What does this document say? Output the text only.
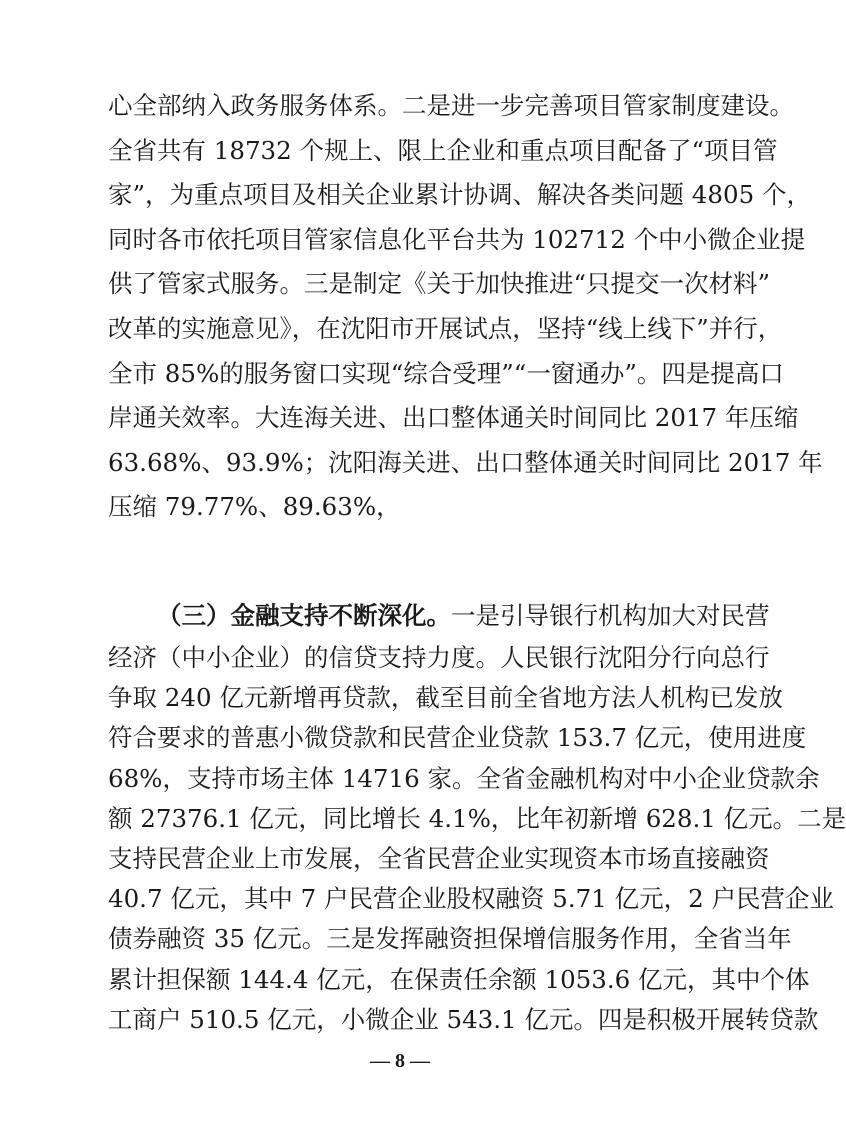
心全部纳入政务服务体系。二是进一步完善项目管家制度建设。
全省共有 18732 个规上、限上企业和重点项目配备了“项目管
家”，为重点项目及相关企业累计协调、解决各类问题 4805 个，
同时各市依托项目管家信息化平台共为 102712 个中小微企业提
供了管家式服务。三是制定《关于加快推进“只提交一次材料”
改革的实施意见》，在沈阳市开展试点，坚持“线上线下”并行，
全市 85%的服务窗口实现“综合受理”“一窗通办”。四是提高口
岸通关效率。大连海关进、出口整体通关时间同比 2017 年压缩
63.68%、93.9%；沈阳海关进、出口整体通关时间同比 2017 年
压缩 79.77%、89.63%，
（三）金融支持不断深化。一是引导银行机构加大对民营
经济（中小企业）的信贷支持力度。人民银行沈阳分行向总行
争取 240 亿元新增再贷款，截至目前全省地方法人机构已发放
符合要求的普惠小微贷款和民营企业贷款 153.7 亿元，使用进度
68%，支持市场主体 14716 家。全省金融机构对中小企业贷款余
额 27376.1 亿元，同比增长 4.1%，比年初新增 628.1 亿元。二是
支持民营企业上市发展，全省民营企业实现资本市场直接融资
40.7 亿元，其中 7 户民营企业股权融资 5.71 亿元，2 户民营企业
债券融资 35 亿元。三是发挥融资担保增信服务作用，全省当年
— 8 —
累计担保额 144.4 亿元，在保责任余额 1053.6 亿元，其中个体
工商户 510.5 亿元，小微企业 543.1 亿元。四是积极开展转贷款
